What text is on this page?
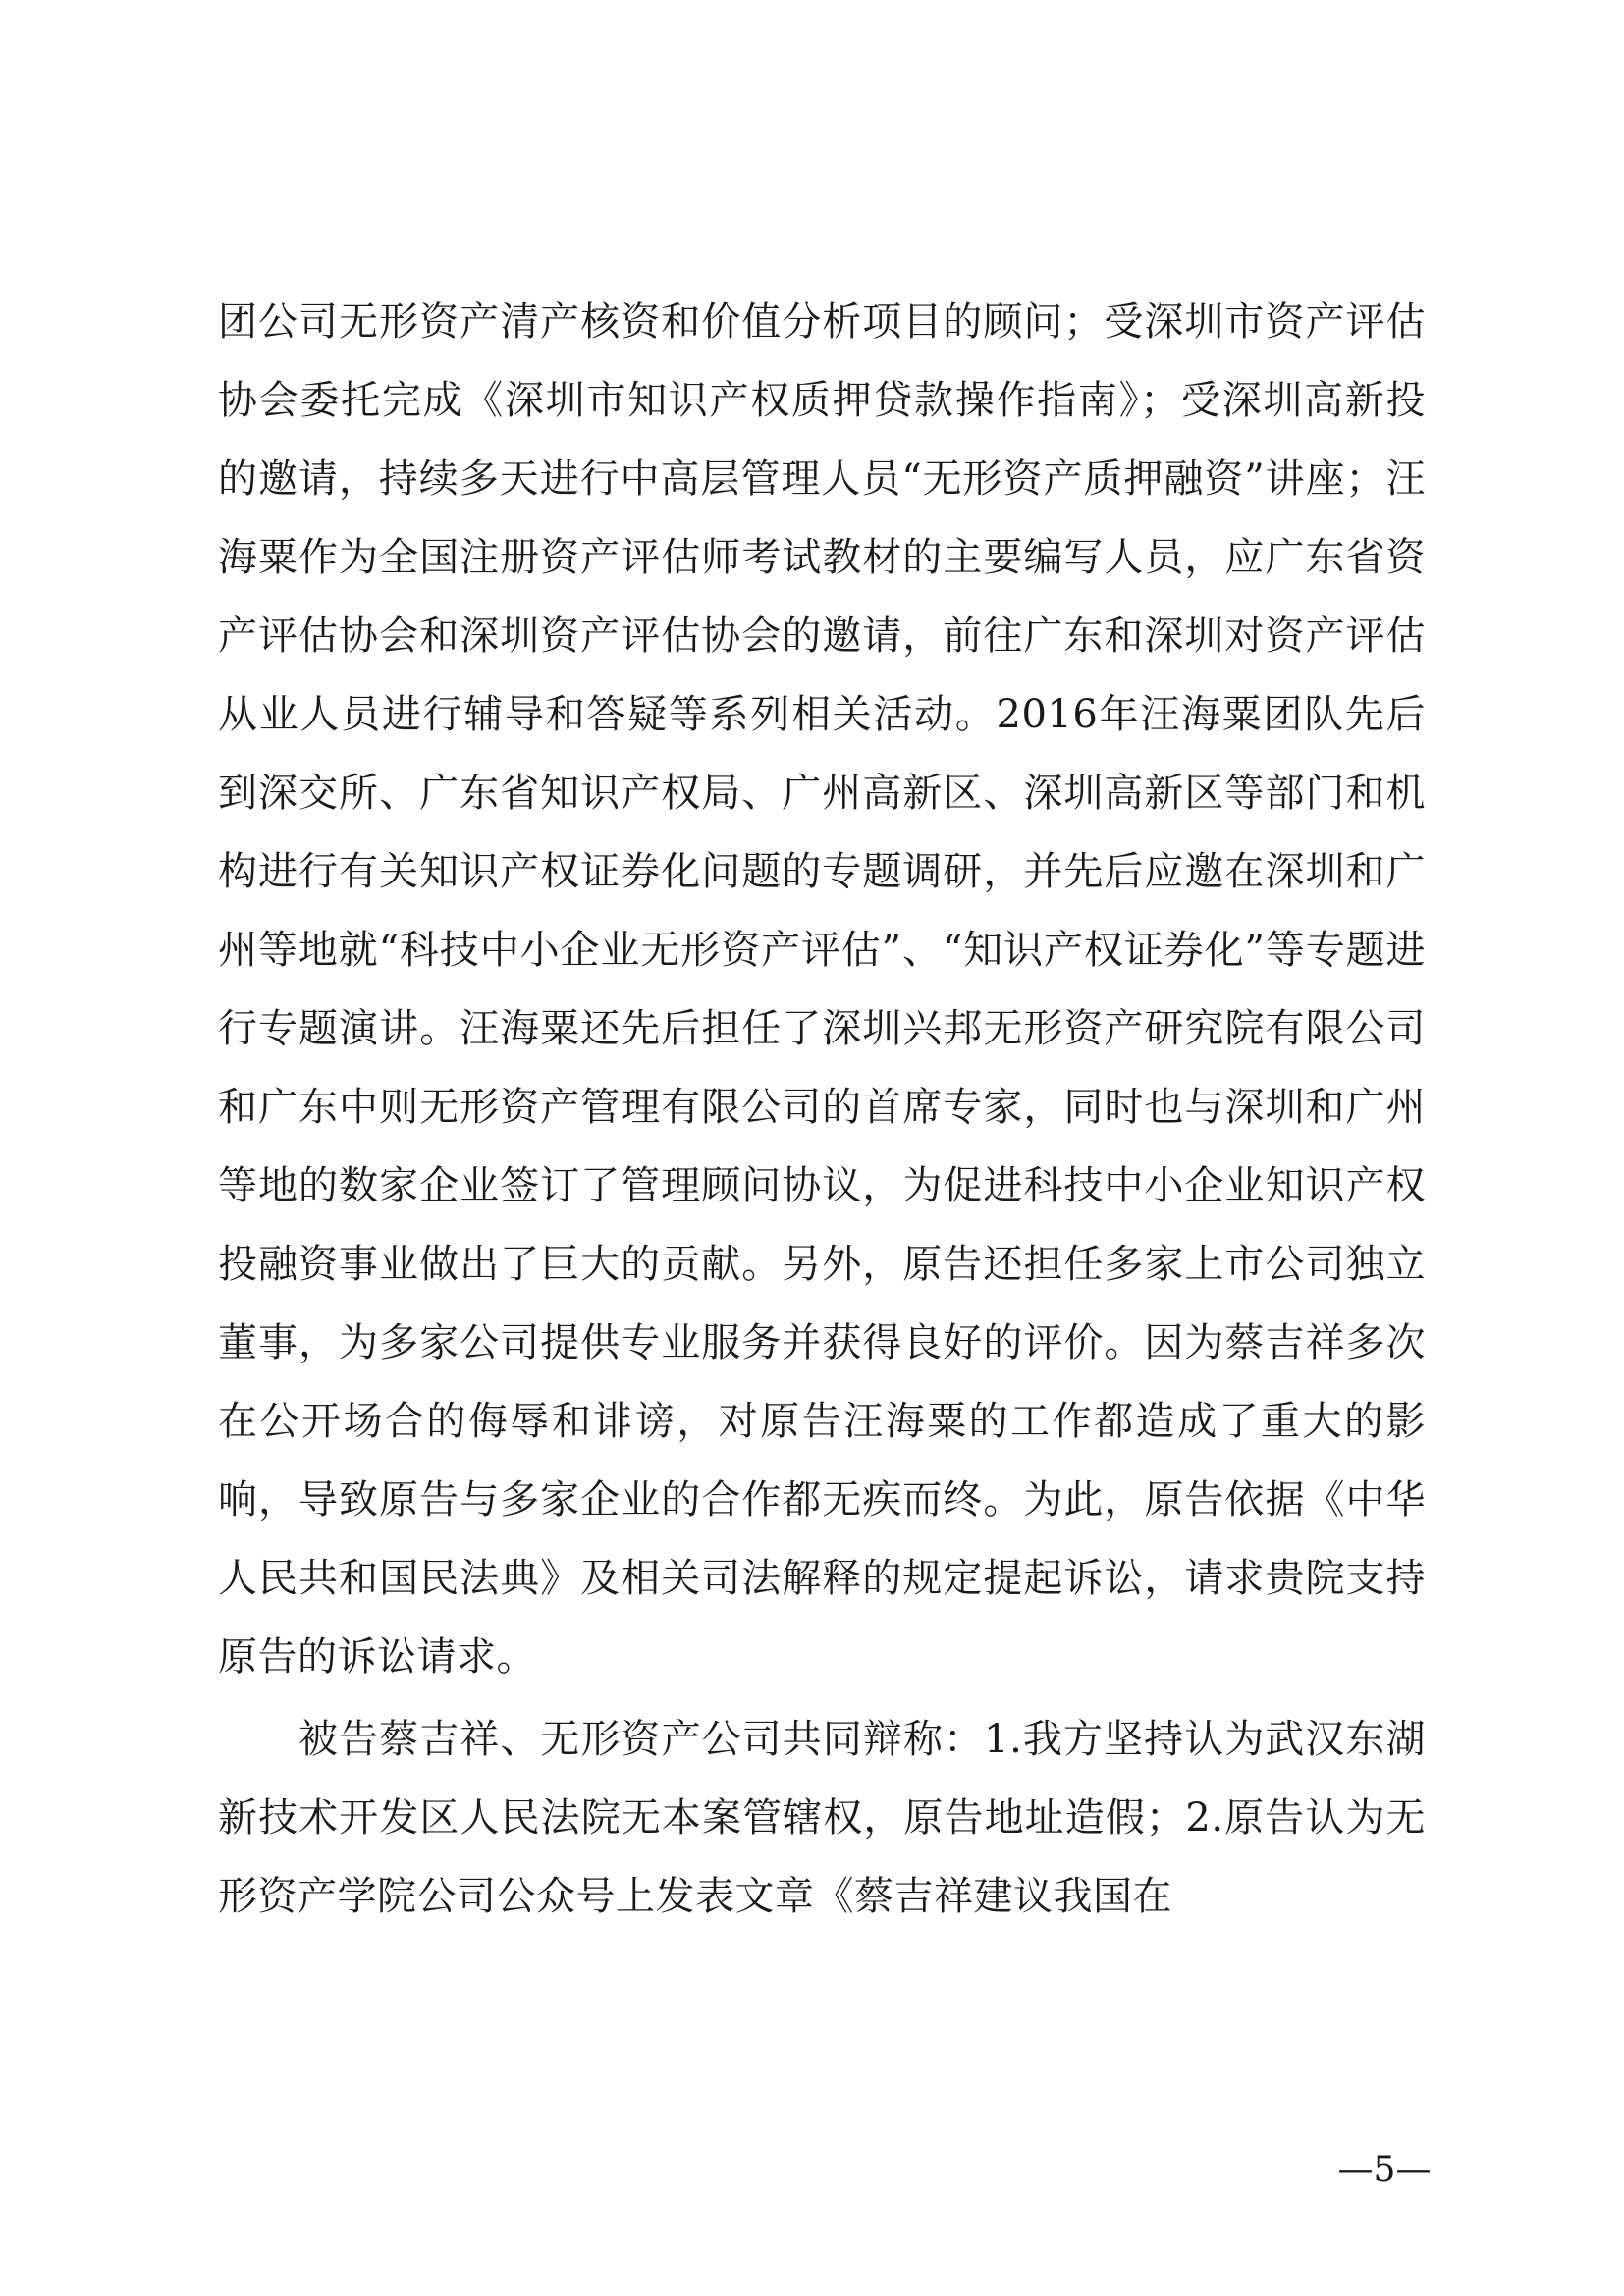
团公司无形资产清产核资和价值分析项目的顾问；受深圳市资产评估协会委托完成《深圳市知识产权质押贷款操作指南》；受深圳高新投的邀请，持续多天进行中高层管理人员“无形资产质押融资”讲座；汪海粟作为全国注册资产评估师考试教材的主要编写人员，应广东省资产评估协会和深圳资产评估协会的邀请，前往广东和深圳对资产评估从业人员进行辅导和答疑等系列相关活动。2016年汪海粟团队先后到深交所、广东省知识产权局、广州高新区、深圳高新区等部门和机构进行有关知识产权证券化问题的专题调研，并先后应邀在深圳和广州等地就“科技中小企业无形资产评估”、“知识产权证券化”等专题进行专题演讲。汪海粟还先后担任了深圳兴邦无形资产研究院有限公司和广东中则无形资产管理有限公司的首席专家，同时也与深圳和广州等地的数家企业签订了管理顾问协议，为促进科技中小企业知识产权投融资事业做出了巨大的贡献。另外，原告还担任多家上市公司独立董事，为多家公司提供专业服务并获得良好的评价。因为蔡吉祥多次在公开场合的侮辱和诽谤，对原告汪海粟的工作都造成了重大的影响，导致原告与多家企业的合作都无疾而终。为此，原告依据《中华人民共和国民法典》及相关司法解释的规定提起诉讼，请求贵院支持原告的诉讼请求。

被告蔡吉祥、无形资产公司共同辩称：1.我方坚持认为武汉东湖新技术开发区人民法院无本案管辖权，原告地址造假；2.原告认为无形资产学院公司公众号上发表文章《蔡吉祥建议我国在

—5—
